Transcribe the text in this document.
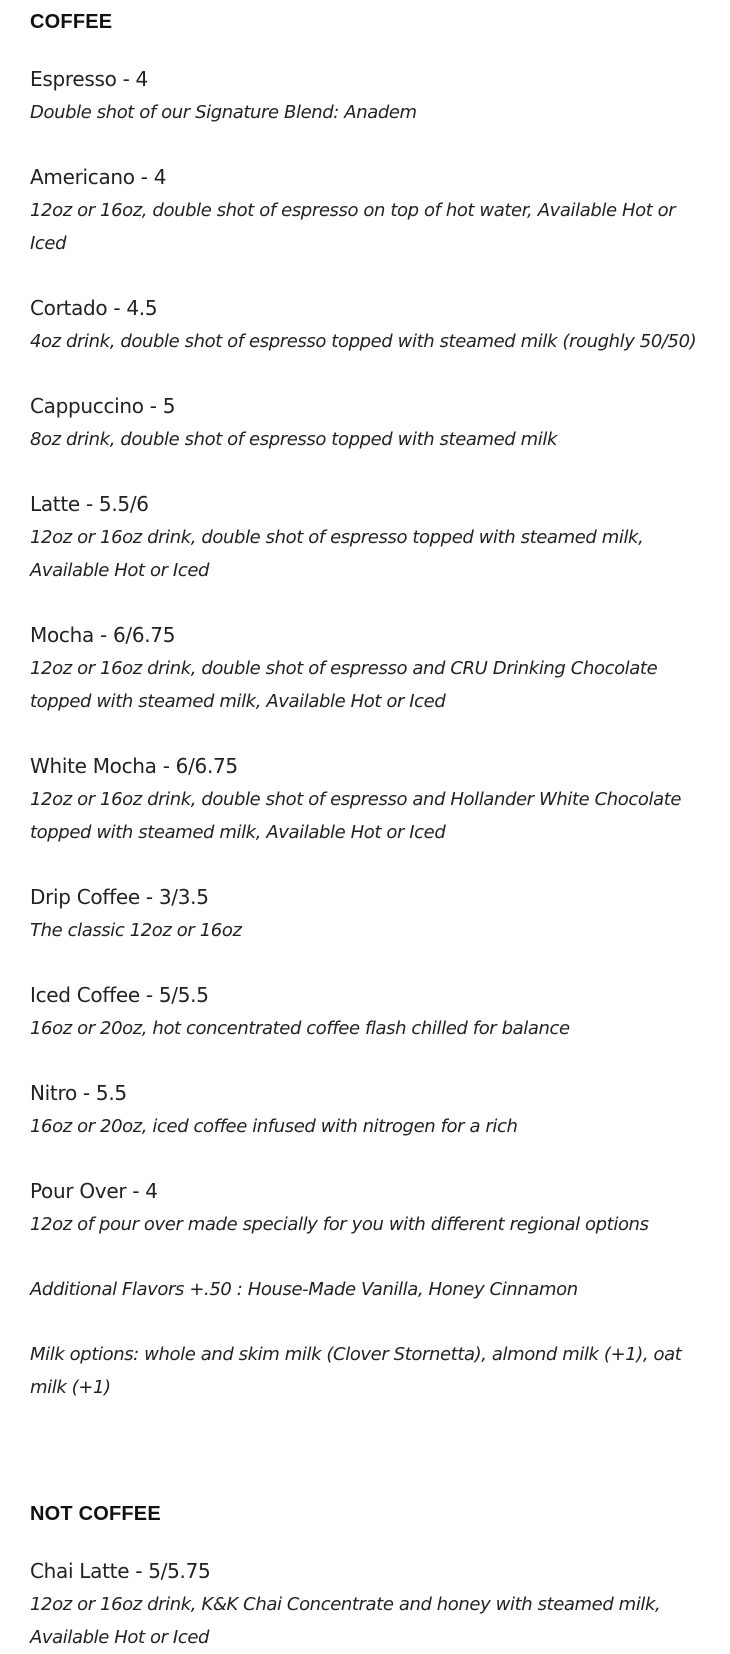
COFFEE

Espresso - 4

Double shot of our Signature Blend: Anadem

Americano - 4

12oz or 16oz, double shot of espresso on top of hot water, Available Hot or Iced

Cortado - 4.5

4oz drink, double shot of espresso topped with steamed milk (roughly 50/50)

Cappuccino - 5

8oz drink, double shot of espresso topped with steamed milk

Latte - 5.5/6

12oz or 16oz drink, double shot of espresso topped with steamed milk, Available Hot or Iced

Mocha - 6/6.75

12oz or 16oz drink, double shot of espresso and CRU Drinking Chocolate topped with steamed milk, Available Hot or Iced

White Mocha - 6/6.75

12oz or 16oz drink, double shot of espresso and Hollander White Chocolate topped with steamed milk, Available Hot or Iced

Drip Coffee - 3/3.5

The classic 12oz or 16oz

Iced Coffee - 5/5.5

16oz or 20oz, hot concentrated coffee flash chilled for balance

Nitro - 5.5

16oz or 20oz, iced coffee infused with nitrogen for a rich

Pour Over - 4

12oz of pour over made specially for you with different regional options

Additional Flavors +.50 : House-Made Vanilla, Honey Cinnamon

Milk options: whole and skim milk (Clover Stornetta), almond milk (+1), oat milk (+1)

NOT COFFEE

Chai Latte - 5/5.75

12oz or 16oz drink, K&K Chai Concentrate and honey with steamed milk, Available Hot or Iced
